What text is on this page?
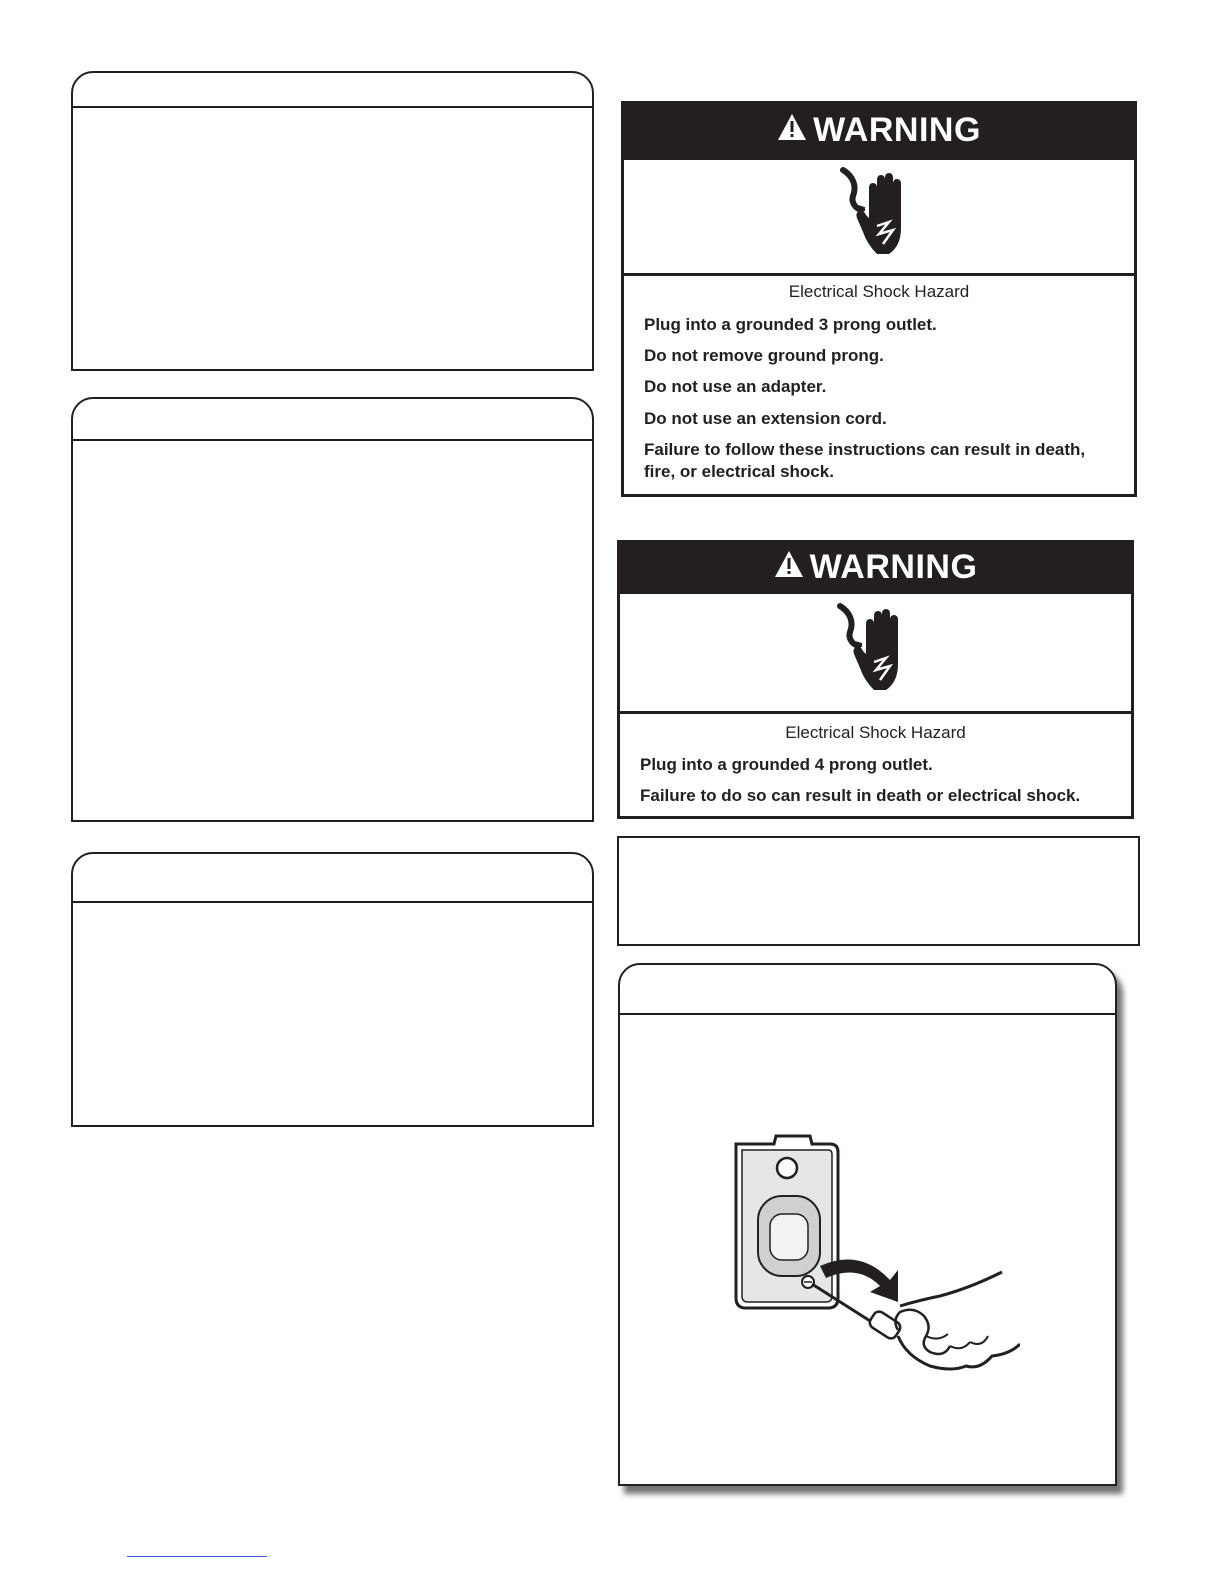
WARNING
Electrical Shock Hazard
Plug into a grounded 3 prong outlet.
Do not remove ground prong.
Do not use an adapter.
Do not use an extension cord.
Failure to follow these instructions can result in death, fire, or electrical shock.
WARNING
Electrical Shock Hazard
Plug into a grounded 4 prong outlet.
Failure to do so can result in death or electrical shock.
